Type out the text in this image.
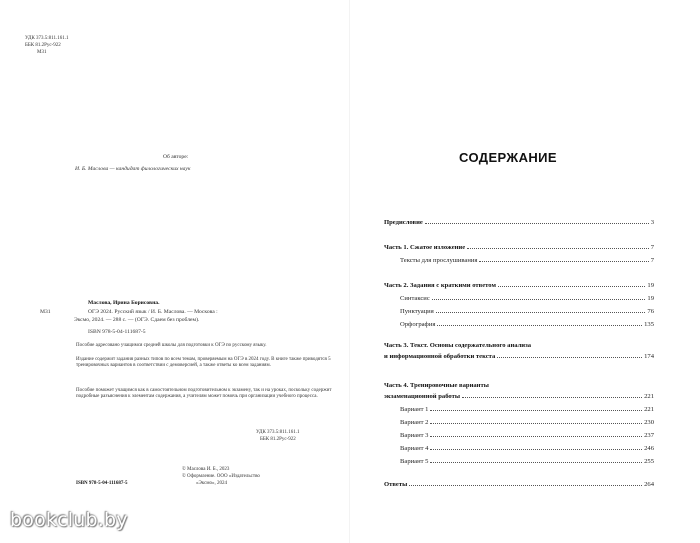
УДК 373.5:811.161.1
ББК 81.2Рус-922
М31
Об авторе:
И. Б. Маслова — кандидат филологических наук
Маслова, Ирина Борисовна.
М31	ОГЭ 2024. Русский язык / И. Б. Маслова. — Москова :
Эксмо, 2024. — 288 с. — (ОГЭ. Сдаем без проблем).
ISBN 978-5-04-111687-5
Пособие адресовано учащимся средней школы для подготовки к ОГЭ по русскому языку.
Издание содержит задания разных типов по всем темам, проверяемым на ОГЭ в 2024 году. В книге также приводятся 5 тренировочных вариантов в соответствии с демоверсией, а также ответы ко всем заданиям.
Пособие поможет учащимся как в самостоятельном подготовительном к экзамену, так и на уроках, поскольку содержит подробные разъяснения к элементам содержания, а учителям может помочь при организации учебного процесса.
УДК 373.5:811.161.1
ББК 81.2Рус-922
ISBN 978-5-04-111687-5
© Маслова И. Б., 2023
© Оформление. ООО «Издательство
«Эксмо», 2024
СОДЕРЖАНИЕ
Предисловие	3
Часть 1. Сжатое изложение	7
Тексты для прослушивания	7
Часть 2. Задания с краткими ответом	19
Синтаксис	19
Пунктуация	76
Орфография	135
Часть 3. Текст. Основы содержательного анализа
и информационной обработки текста	174
Часть 4. Тренировочные варианты
экзаменационной работы	221
Вариант 1	221
Вариант 2	230
Вариант 3	237
Вариант 4	246
Вариант 5	255
Ответы	264
bookclub.by
